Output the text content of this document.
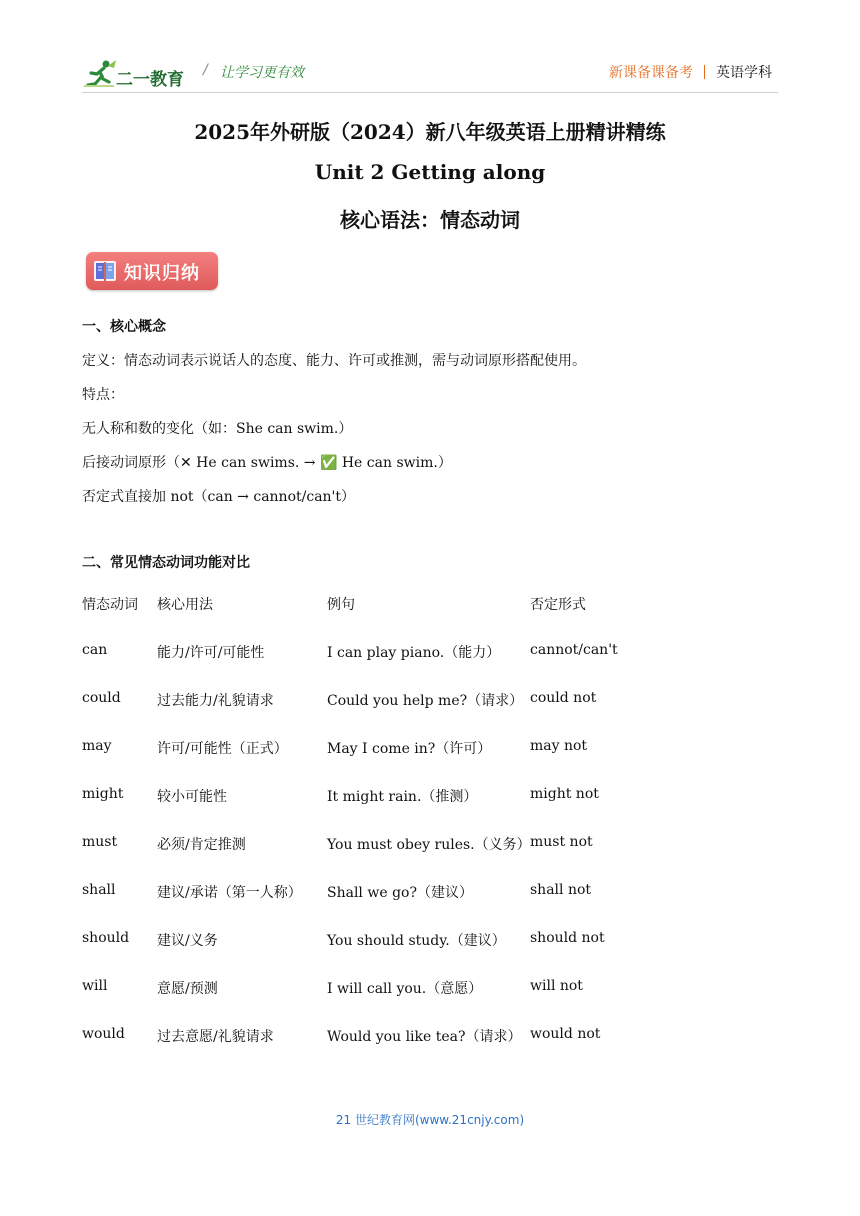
二一教育 / 让学习更有效	新课备课备考 英语学科
2025年外研版（2024）新八年级英语上册精讲精练
Unit 2 Getting along
核心语法：情态动词
知识归纳
一、核心概念
定义：情态动词表示说话人的态度、能力、许可或推测，需与动词原形搭配使用。
特点：
无人称和数的变化（如：She can swim.）
后接动词原形（✕ He can swims. → ✅ He can swim.）
否定式直接加 not（can → cannot/can't）
二、常见情态动词功能对比
情态动词 核心用法	例句	否定形式
can	能力/许可/可能性	I can play piano.（能力） cannot/can't
could	过去能力/礼貌请求	Could you help me?（请求） could not
may	许可/可能性（正式）	May I come in?（许可）	may not
might 较小可能性	It might rain.（推测）	might not
must	必须/肯定推测	You must obey rules.（义务） must not
shall	建议/承诺（第一人称） Shall we go?（建议）	shall not
should 建议/义务	You should study.（建议） should not
will	意愿/预测	I will call you.（意愿）	will not
would 过去意愿/礼貌请求	Would you like tea?（请求） would not
21 世纪教育网(www.21cnjy.com)
